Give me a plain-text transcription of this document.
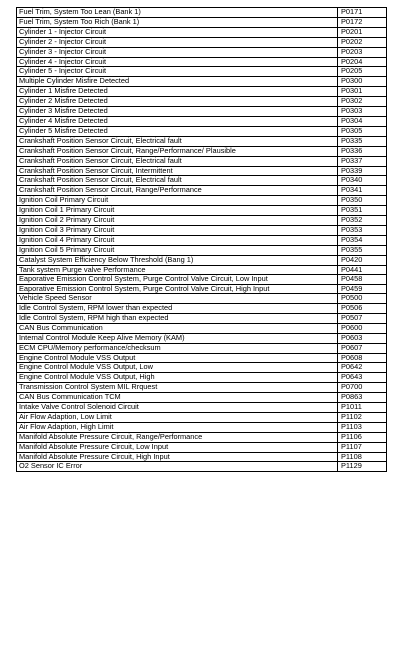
Fuel Trim, System Too Lean (Bank 1)	P0171
Fuel Trim, System Too Rich (Bank 1)	P0172
Cylinder 1 - Injector Circuit	P0201
Cylinder 2 - Injector Circuit	P0202
Cylinder 3 - Injector Circuit	P0203
Cylinder 4 - Injector Circuit	P0204
Cylinder 5 - Injector Circuit	P0205
Multiple Cylinder Misfire Detected	P0300
Cylinder 1 Misfire Detected	P0301
Cylinder 2 Misfire Detected	P0302
Cylinder 3 Misfire Detected	P0303
Cylinder 4 Misfire Detected	P0304
Cylinder 5 Misfire Detected	P0305
Crankshaft Position Sensor Circuit, Electrical fault	P0335
Crankshaft Position Sensor Circuit, Range/Performance/ Plausible	P0336
Crankshaft Position Sensor Circuit, Electrical fault	P0337
Crankshaft Position Sensor Circuit, Intermittent	P0339
Crankshaft Position Sensor Circuit, Electrical fault	P0340
Crankshaft Position Sensor Circuit, Range/Performance	P0341
Ignition Coil Primary Circuit	P0350
Ignition Coil 1 Primary Circuit	P0351
Ignition Coil 2 Primary Circuit	P0352
Ignition Coil 3 Primary Circuit	P0353
Ignition Coil 4 Primary Circuit	P0354
Ignition Coil 5 Primary Circuit	P0355
Catalyst System Efficiency Below Threshold (Bang 1)	P0420
Tank system Purge valve Performance	P0441
Eaporative Emission Control System, Purge Control Valve Circuit, Low Input	P0458
Eaporative Emission Control System, Purge Control Valve Circuit, High Input	P0459
Vehicle Speed Sensor	P0500
Idle Control System, RPM lower than expected	P0506
Idle Control System, RPM high than expected	P0507
CAN Bus Communication	P0600
Internal Control Module Keep Alive Memory (KAM)	P0603
ECM CPU/Memory performance/checksum	P0607
Engine Control Module VSS Output	P0608
Engine Control Module VSS Output, Low	P0642
Engine Control Module VSS Output, High	P0643
Transmission Control System MIL Rrquest	P0700
CAN Bus Communication TCM	P0863
Intake Valve Control Solenoid Circuit	P1011
Air Flow Adaption, Low Limit	P1102
Air Flow Adaption, High Limit	P1103
Manifold Absolute Pressure Circuit, Range/Performance	P1106
Manifold Absolute Pressure Circuit, Low Input	P1107
Manifold Absolute Pressure Circuit, High Input	P1108
O2 Sensor IC Error	P1129
